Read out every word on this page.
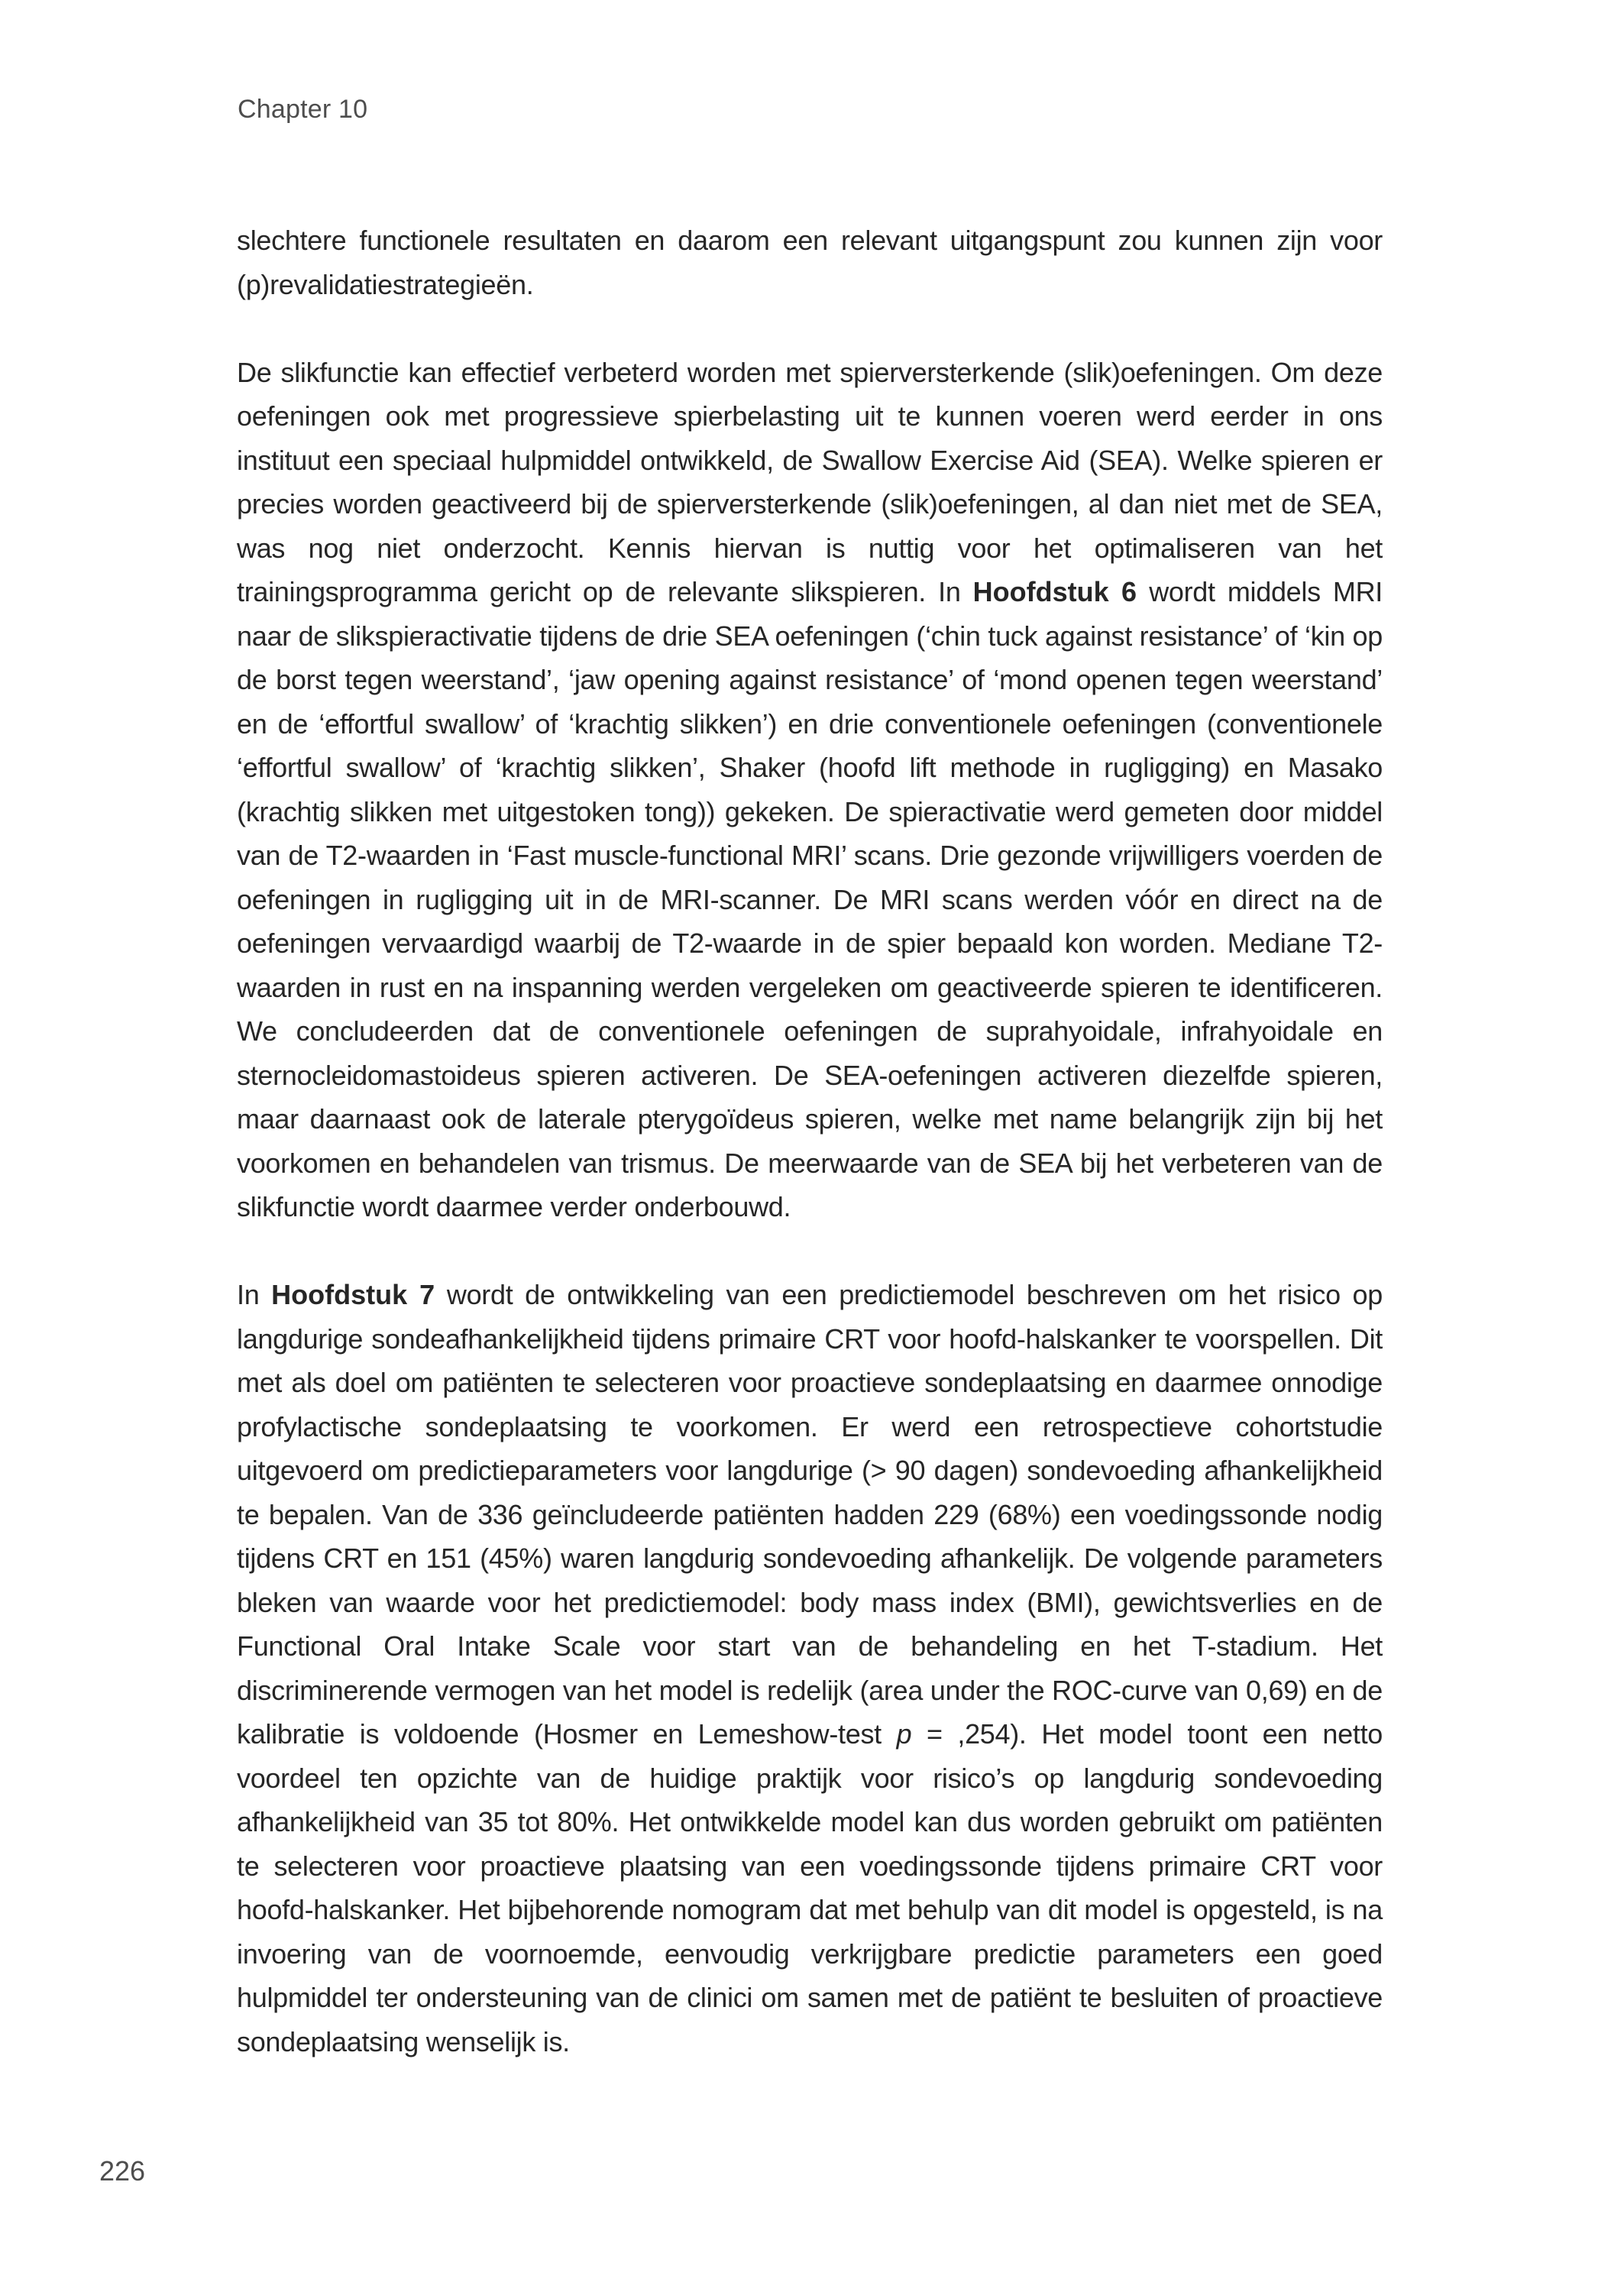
Chapter 10

slechtere functionele resultaten en daarom een relevant uitgangspunt zou kunnen zijn voor (p)revalidatiestrategieën.

De slikfunctie kan effectief verbeterd worden met spierversterkende (slik)oefeningen. Om deze oefeningen ook met progressieve spierbelasting uit te kunnen voeren werd eerder in ons instituut een speciaal hulpmiddel ontwikkeld, de Swallow Exercise Aid (SEA). Welke spieren er precies worden geactiveerd bij de spierversterkende (slik)oefeningen, al dan niet met de SEA, was nog niet onderzocht. Kennis hiervan is nuttig voor het optimaliseren van het trainingsprogramma gericht op de relevante slikspieren. In Hoofdstuk 6 wordt middels MRI naar de slikspieractivatie tijdens de drie SEA oefeningen (‘chin tuck against resistance’ of ‘kin op de borst tegen weerstand’, ‘jaw opening against resistance’ of ‘mond openen tegen weerstand’ en de ‘effortful swallow’ of ‘krachtig slikken’) en drie conventionele oefeningen (conventionele ‘effortful swallow’ of ‘krachtig slikken’, Shaker (hoofd lift methode in rugligging) en Masako (krachtig slikken met uitgestoken tong)) gekeken. De spieractivatie werd gemeten door middel van de T2-waarden in ‘Fast muscle-functional MRI’ scans. Drie gezonde vrijwilligers voerden de oefeningen in rugligging uit in de MRI-scanner. De MRI scans werden vóór en direct na de oefeningen vervaardigd waarbij de T2-waarde in de spier bepaald kon worden. Mediane T2-waarden in rust en na inspanning werden vergeleken om geactiveerde spieren te identificeren. We concludeerden dat de conventionele oefeningen de suprahyoidale, infrahyoidale en sternocleidomastoideus spieren activeren. De SEA-oefeningen activeren diezelfde spieren, maar daarnaast ook de laterale pterygoïdeus spieren, welke met name belangrijk zijn bij het voorkomen en behandelen van trismus. De meerwaarde van de SEA bij het verbeteren van de slikfunctie wordt daarmee verder onderbouwd.

In Hoofdstuk 7 wordt de ontwikkeling van een predictiemodel beschreven om het risico op langdurige sondeafhankelijkheid tijdens primaire CRT voor hoofd-halskanker te voorspellen. Dit met als doel om patiënten te selecteren voor proactieve sondeplaatsing en daarmee onnodige profylactische sondeplaatsing te voorkomen. Er werd een retrospectieve cohortstudie uitgevoerd om predictieparameters voor langdurige (> 90 dagen) sondevoeding afhankelijkheid te bepalen. Van de 336 geïncludeerde patiënten hadden 229 (68%) een voedingssonde nodig tijdens CRT en 151 (45%) waren langdurig sondevoeding afhankelijk. De volgende parameters bleken van waarde voor het predictiemodel: body mass index (BMI), gewichtsverlies en de Functional Oral Intake Scale voor start van de behandeling en het T-stadium. Het discriminerende vermogen van het model is redelijk (area under the ROC-curve van 0,69) en de kalibratie is voldoende (Hosmer en Lemeshow-test p = ,254). Het model toont een netto voordeel ten opzichte van de huidige praktijk voor risico’s op langdurig sondevoeding afhankelijkheid van 35 tot 80%. Het ontwikkelde model kan dus worden gebruikt om patiënten te selecteren voor proactieve plaatsing van een voedingssonde tijdens primaire CRT voor hoofd-halskanker. Het bijbehorende nomogram dat met behulp van dit model is opgesteld, is na invoering van de voornoemde, eenvoudig verkrijgbare predictie parameters een goed hulpmiddel ter ondersteuning van de clinici om samen met de patiënt te besluiten of proactieve sondeplaatsing wenselijk is.

226
